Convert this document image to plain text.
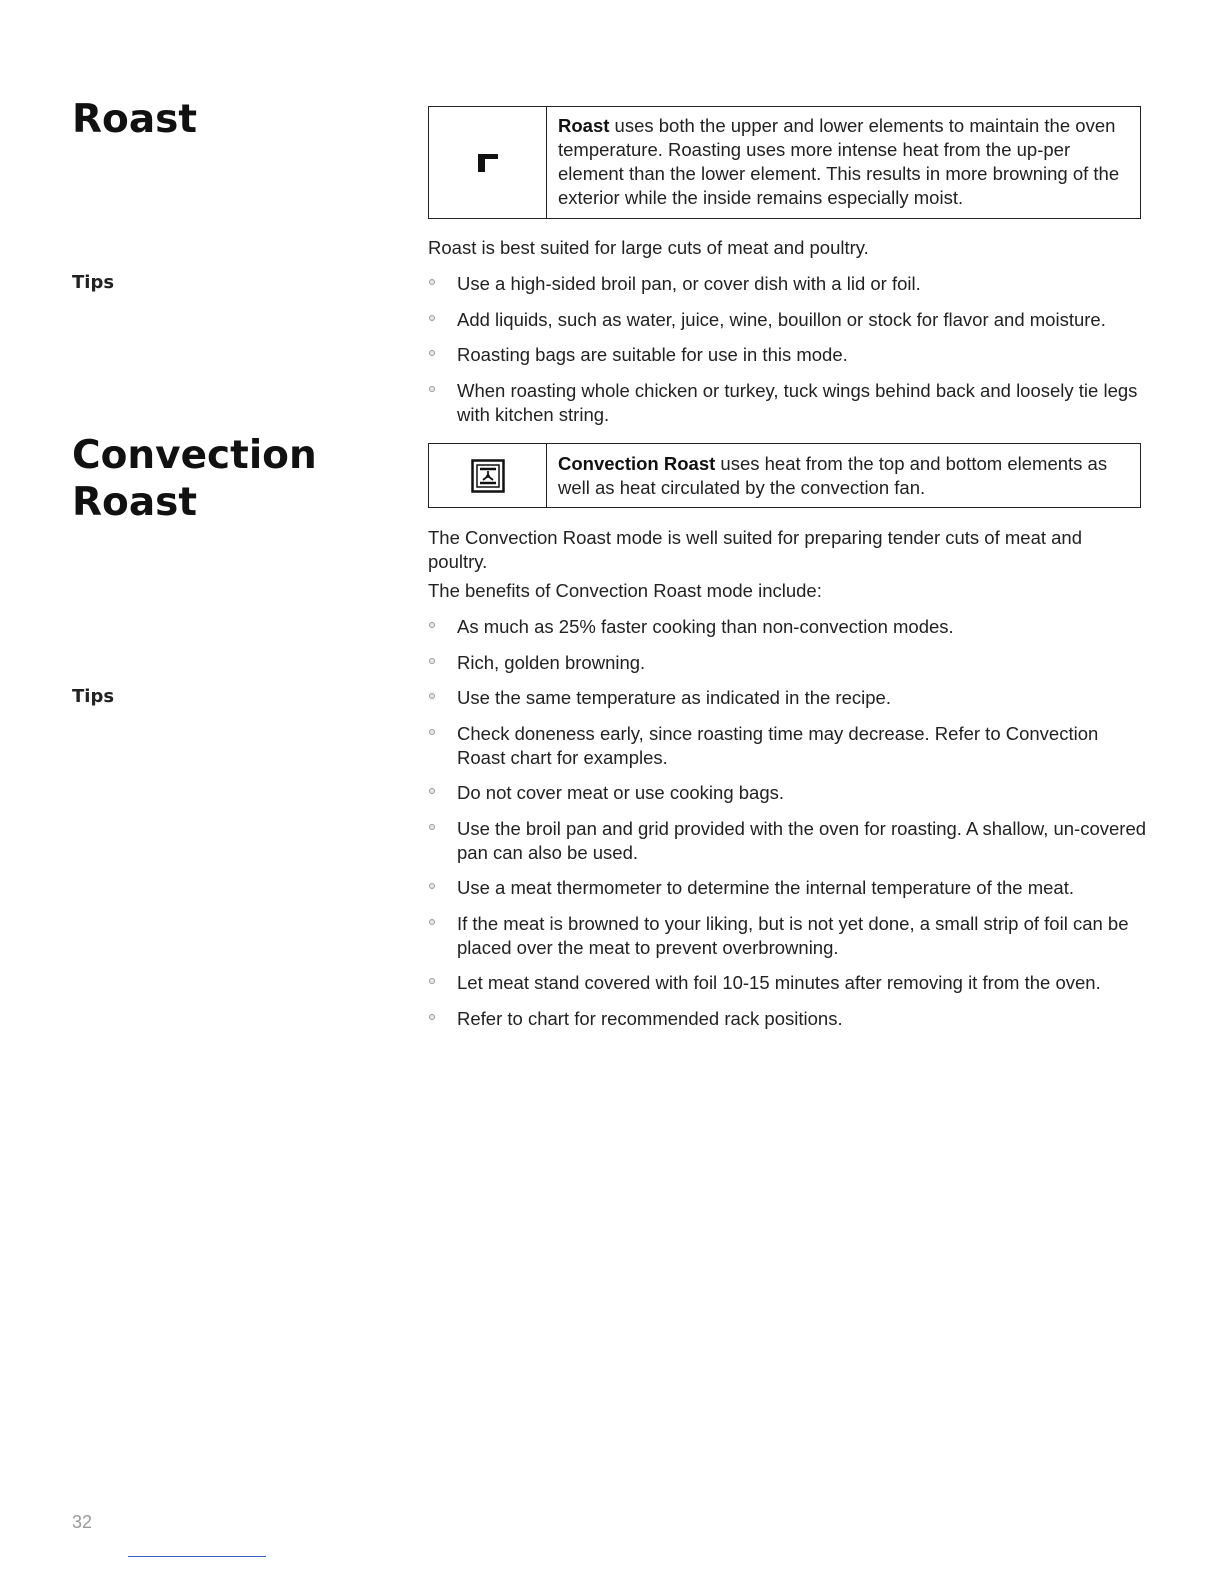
Roast	Roast uses both the upper and lower elements to maintain the oven temperature. Roasting uses more intense heat from the up-per element than the lower element. This results in more browning of the exterior while the inside remains especially moist.

Roast is best suited for large cuts of meat and poultry.

Tips	Use a high-sided broil pan, or cover dish with a lid or foil.
Add liquids, such as water, juice, wine, bouillon or stock for flavor and moisture.
Roasting bags are suitable for use in this mode.
When roasting whole chicken or turkey, tuck wings behind back and loosely tie legs with kitchen string.
Convection
Roast
Convection Roast uses heat from the top and bottom elements as well as heat circulated by the convection fan.

The Convection Roast mode is well suited for preparing tender cuts of meat and poultry.

The benefits of Convection Roast mode include:

As much as 25% faster cooking than non-convection modes.
Rich, golden browning.
Tips	Use the same temperature as indicated in the recipe.
Check doneness early, since roasting time may decrease. Refer to Convection Roast chart for examples.
Do not cover meat or use cooking bags.
Use the broil pan and grid provided with the oven for roasting. A shallow, un-covered pan can also be used.
Use a meat thermometer to determine the internal temperature of the meat.
If the meat is browned to your liking, but is not yet done, a small strip of foil can be placed over the meat to prevent overbrowning.
Let meat stand covered with foil 10-15 minutes after removing it from the oven.
Refer to chart for recommended rack positions.
32
